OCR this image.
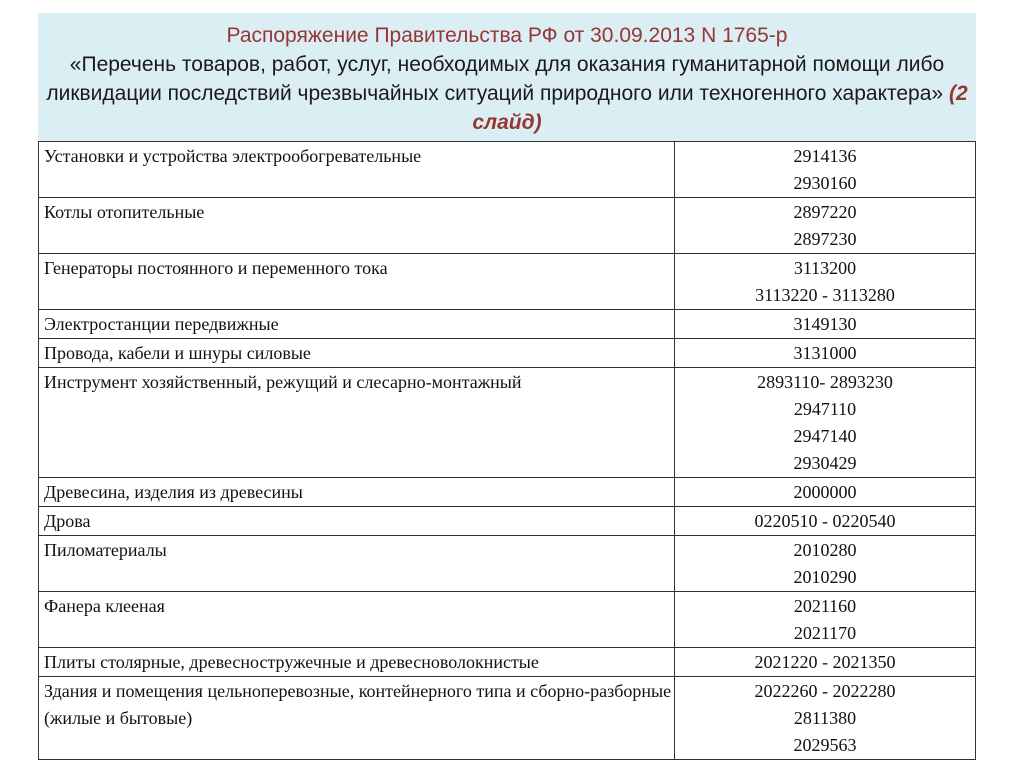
Распоряжение Правительства РФ от 30.09.2013 N 1765-р
«Перечень товаров, работ, услуг, необходимых для оказания гуманитарной помощи либо ликвидации последствий чрезвычайных ситуаций природного или техногенного характера» (2 слайд)
Установки и устройства электрообогревательные	2914136
2930160

Котлы отопительные	2897220
2897230

Генераторы постоянного и переменного тока	3113200
3113220 - 3113280

Электростанции передвижные	3149130

Провода, кабели и шнуры силовые	3131000

Инструмент хозяйственный, режущий и слесарно-монтажный	2893110- 2893230
2947110
2947140
2930429

Древесина, изделия из древесины	2000000

Дрова	0220510 - 0220540

Пиломатериалы	2010280
2010290

Фанера клееная	2021160
2021170

Плиты столярные, древесностружечные и древесноволокнистые	2021220 - 2021350

Здания и помещения цельноперевозные, контейнерного типа и сборно-разборные (жилые и бытовые)	2022260 - 2022280
2811380
2029563
